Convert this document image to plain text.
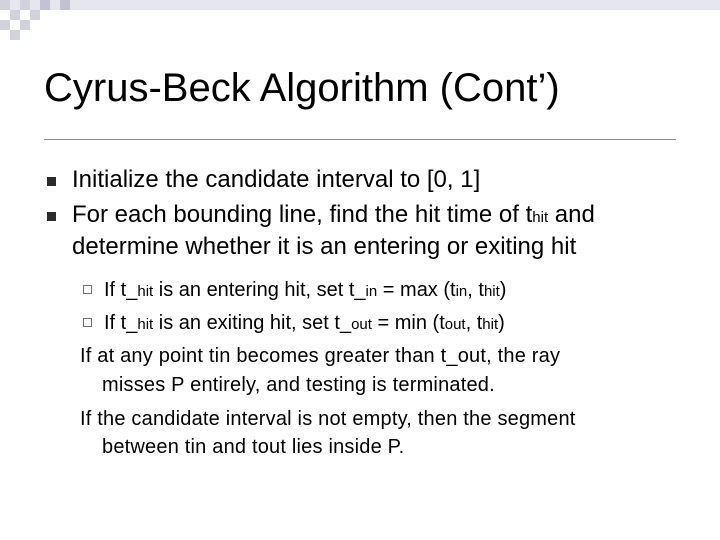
Cyrus-Beck Algorithm (Cont’)
Initialize the candidate interval to [0, 1]
For each bounding line, find the hit time of thit and
determine whether it is an entering or exiting hit
If t_hit is an entering hit, set t_in = max (tin, thit)
If t_hit is an exiting hit, set t_out = min (tout, thit)
If at any point tin becomes greater than t_out, the ray
misses P entirely, and testing is terminated.
If the candidate interval is not empty, then the segment
between tin and tout lies inside P.
